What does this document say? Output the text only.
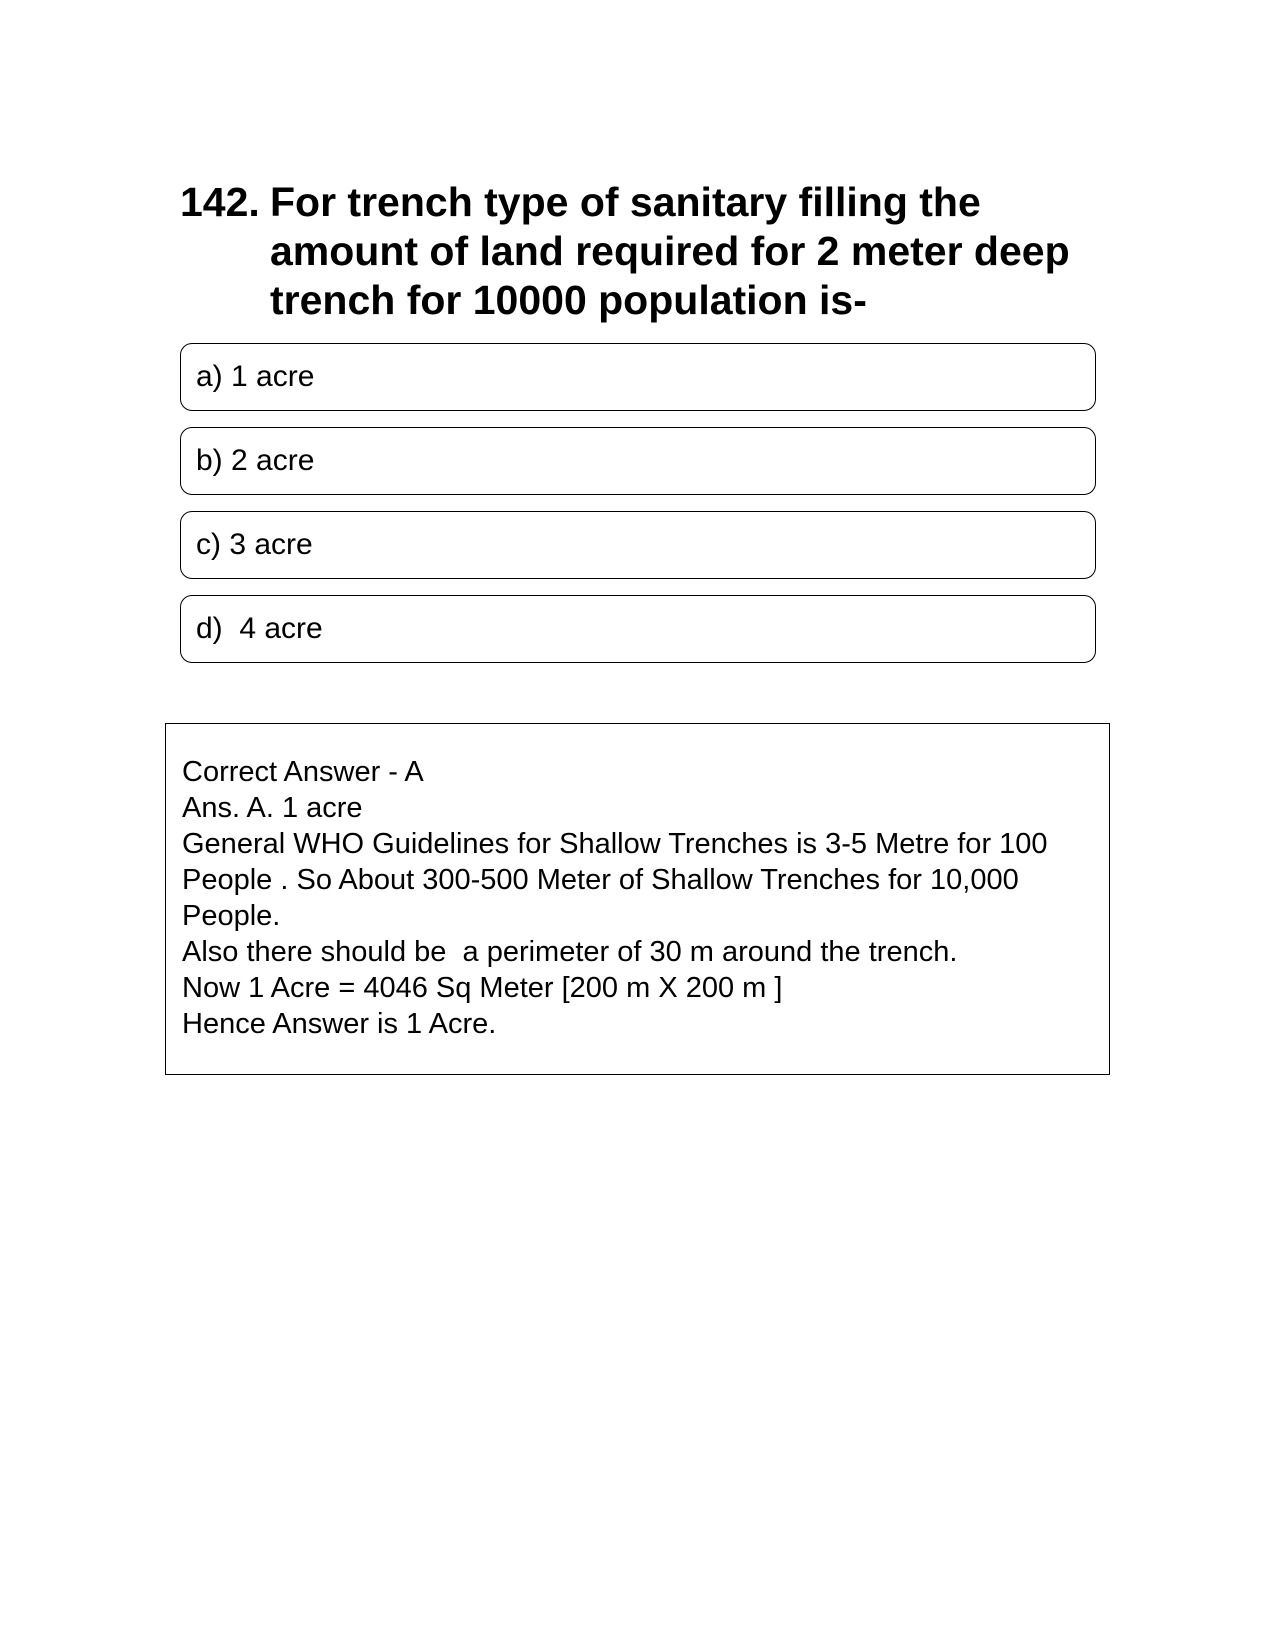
142. For trench type of sanitary filling the amount of land required for 2 meter deep trench for 10000 population is-
a) 1 acre
b) 2 acre
c) 3 acre
d)  4 acre
Correct Answer - A
Ans. A. 1 acre
General WHO Guidelines for Shallow Trenches is 3-5 Metre for 100 People . So About 300-500 Meter of Shallow Trenches for 10,000 People.
Also there should be  a perimeter of 30 m around the trench.
Now 1 Acre = 4046 Sq Meter [200 m X 200 m ]
Hence Answer is 1 Acre.
